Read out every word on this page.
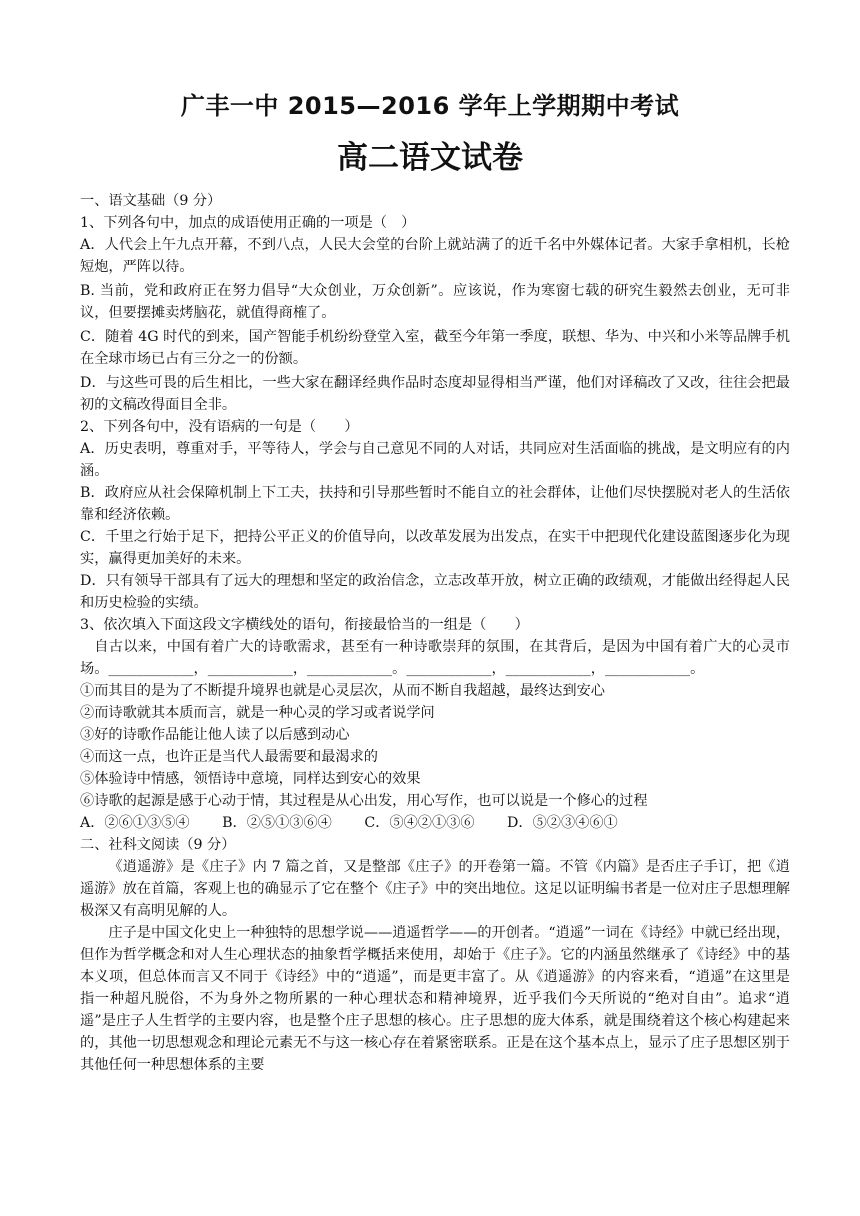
广丰一中 2015—2016 学年上学期期中考试
高二语文试卷

一、语文基础（9 分）

1、下列各句中，加点的成语使用正确的一项是（　）

A．人代会上午九点开幕，不到八点，人民大会堂的台阶上就站满了的近千名中外媒体记者。大家手拿相机，长枪短炮，严阵以待。

B. 当前，党和政府正在努力倡导“大众创业，万众创新”。应该说，作为寒窗七载的研究生毅然去创业，无可非议，但要摆摊卖烤脑花，就值得商榷了。

C．随着 4G 时代的到来，国产智能手机纷纷登堂入室，截至今年第一季度，联想、华为、中兴和小米等品牌手机在全球市场已占有三分之一的份额。

D．与这些可畏的后生相比，一些大家在翻译经典作品时态度却显得相当严谨，他们对译稿改了又改，往往会把最初的文稿改得面目全非。

2、下列各句中，没有语病的一句是（　　）

A．历史表明，尊重对手，平等待人，学会与自己意见不同的人对话，共同应对生活面临的挑战，是文明应有的内涵。

B．政府应从社会保障机制上下工夫，扶持和引导那些暂时不能自立的社会群体，让他们尽快摆脱对老人的生活依靠和经济依赖。

C．千里之行始于足下，把持公平正义的价值导向，以改革发展为出发点，在实干中把现代化建设蓝图逐步化为现实，赢得更加美好的未来。

D．只有领导干部具有了远大的理想和坚定的政治信念，立志改革开放，树立正确的政绩观，才能做出经得起人民和历史检验的实绩。

3、依次填入下面这段文字横线处的语句，衔接最恰当的一组是（　　）

自古以来，中国有着广大的诗歌需求，甚至有一种诗歌崇拜的氛围，在其背后，是因为中国有着广大的心灵市场。____________，____________，____________。____________，____________，____________。

①而其目的是为了不断提升境界也就是心灵层次，从而不断自我超越，最终达到安心

②而诗歌就其本质而言，就是一种心灵的学习或者说学问

③好的诗歌作品能让他人读了以后感到动心

④而这一点，也许正是当代人最需要和最渴求的

⑤体验诗中情感，领悟诗中意境，同样达到安心的效果

⑥诗歌的起源是感于心动于情，其过程是从心出发，用心写作，也可以说是一个修心的过程

A．②⑥①③⑤④ B．②⑤①③⑥④ C．⑤④②①③⑥ D．⑤②③④⑥①

二、社科文阅读（9 分）

《逍遥游》是《庄子》内 7 篇之首，又是整部《庄子》的开卷第一篇。不管《内篇》是否庄子手订，把《逍遥游》放在首篇，客观上也的确显示了它在整个《庄子》中的突出地位。这足以证明编书者是一位对庄子思想理解极深又有高明见解的人。

庄子是中国文化史上一种独特的思想学说——逍遥哲学——的开创者。“逍遥”一词在《诗经》中就已经出现，但作为哲学概念和对人生心理状态的抽象哲学概括来使用，却始于《庄子》。它的内涵虽然继承了《诗经》中的基本义项，但总体而言又不同于《诗经》中的“逍遥”，而是更丰富了。从《逍遥游》的内容来看，“逍遥”在这里是指一种超凡脱俗，不为身外之物所累的一种心理状态和精神境界，近乎我们今天所说的“绝对自由”。追求“逍遥”是庄子人生哲学的主要内容，也是整个庄子思想的核心。庄子思想的庞大体系，就是围绕着这个核心构建起来的，其他一切思想观念和理论元素无不与这一核心存在着紧密联系。正是在这个基本点上，显示了庄子思想区别于其他任何一种思想体系的主要
